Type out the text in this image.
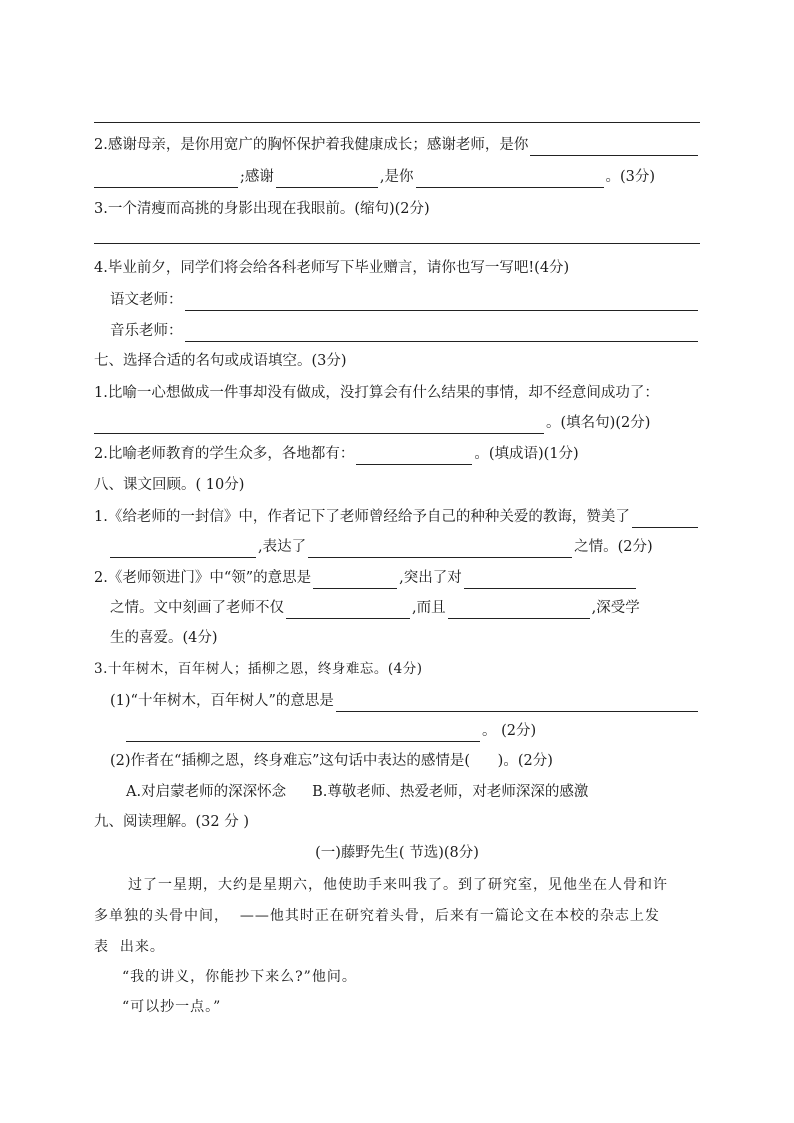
2.感谢母亲，是你用宽广的胸怀保护着我健康成长；感谢老师，是你
;感谢	,是你	。(3分)
3.一个清瘦而高挑的身影出现在我眼前。(缩句)(2分)
4.毕业前夕，同学们将会给各科老师写下毕业赠言，请你也写一写吧!(4分)
语文老师：
音乐老师：
七、选择合适的名句或成语填空。(3分)
1.比喻一心想做成一件事却没有做成，没打算会有什么结果的事情，却不经意间成功了：
。(填名句)(2分)
2.比喻老师教育的学生众多，各地都有：	。(填成语)(1分)
八、课文回顾。( 10分)
1.《给老师的一封信》中，作者记下了老师曾经给予自己的种种关爱的教诲，赞美了
,表达了	之情。(2分)
2.《老师领进门》中“领”的意思是	,突出了对
之情。文中刻画了老师不仅	,而且	,深受学
生的喜爱。(4分)
3.十年树木，百年树人；插柳之恩，终身难忘。(4分)
(1)“十年树木，百年树人”的意思是
。 (2分)
(2)作者在“插柳之恩，终身难忘”这句话中表达的感情是(      )。(2分)
A.对启蒙老师的深深怀念 B.尊敬老师、热爱老师，对老师深深的感激
九、阅读理解。(32 分 )
(一)藤野先生( 节选)(8分)
过了一星期，大约是星期六，他使助手来叫我了。到了研究室，见他坐在人骨和许
多单独的头骨中间，  ——他其时正在研究着头骨，后来有一篇论文在本校的杂志上发
表  出来。
“我的讲义，你能抄下来么?”他问。
“可以抄一点。”
